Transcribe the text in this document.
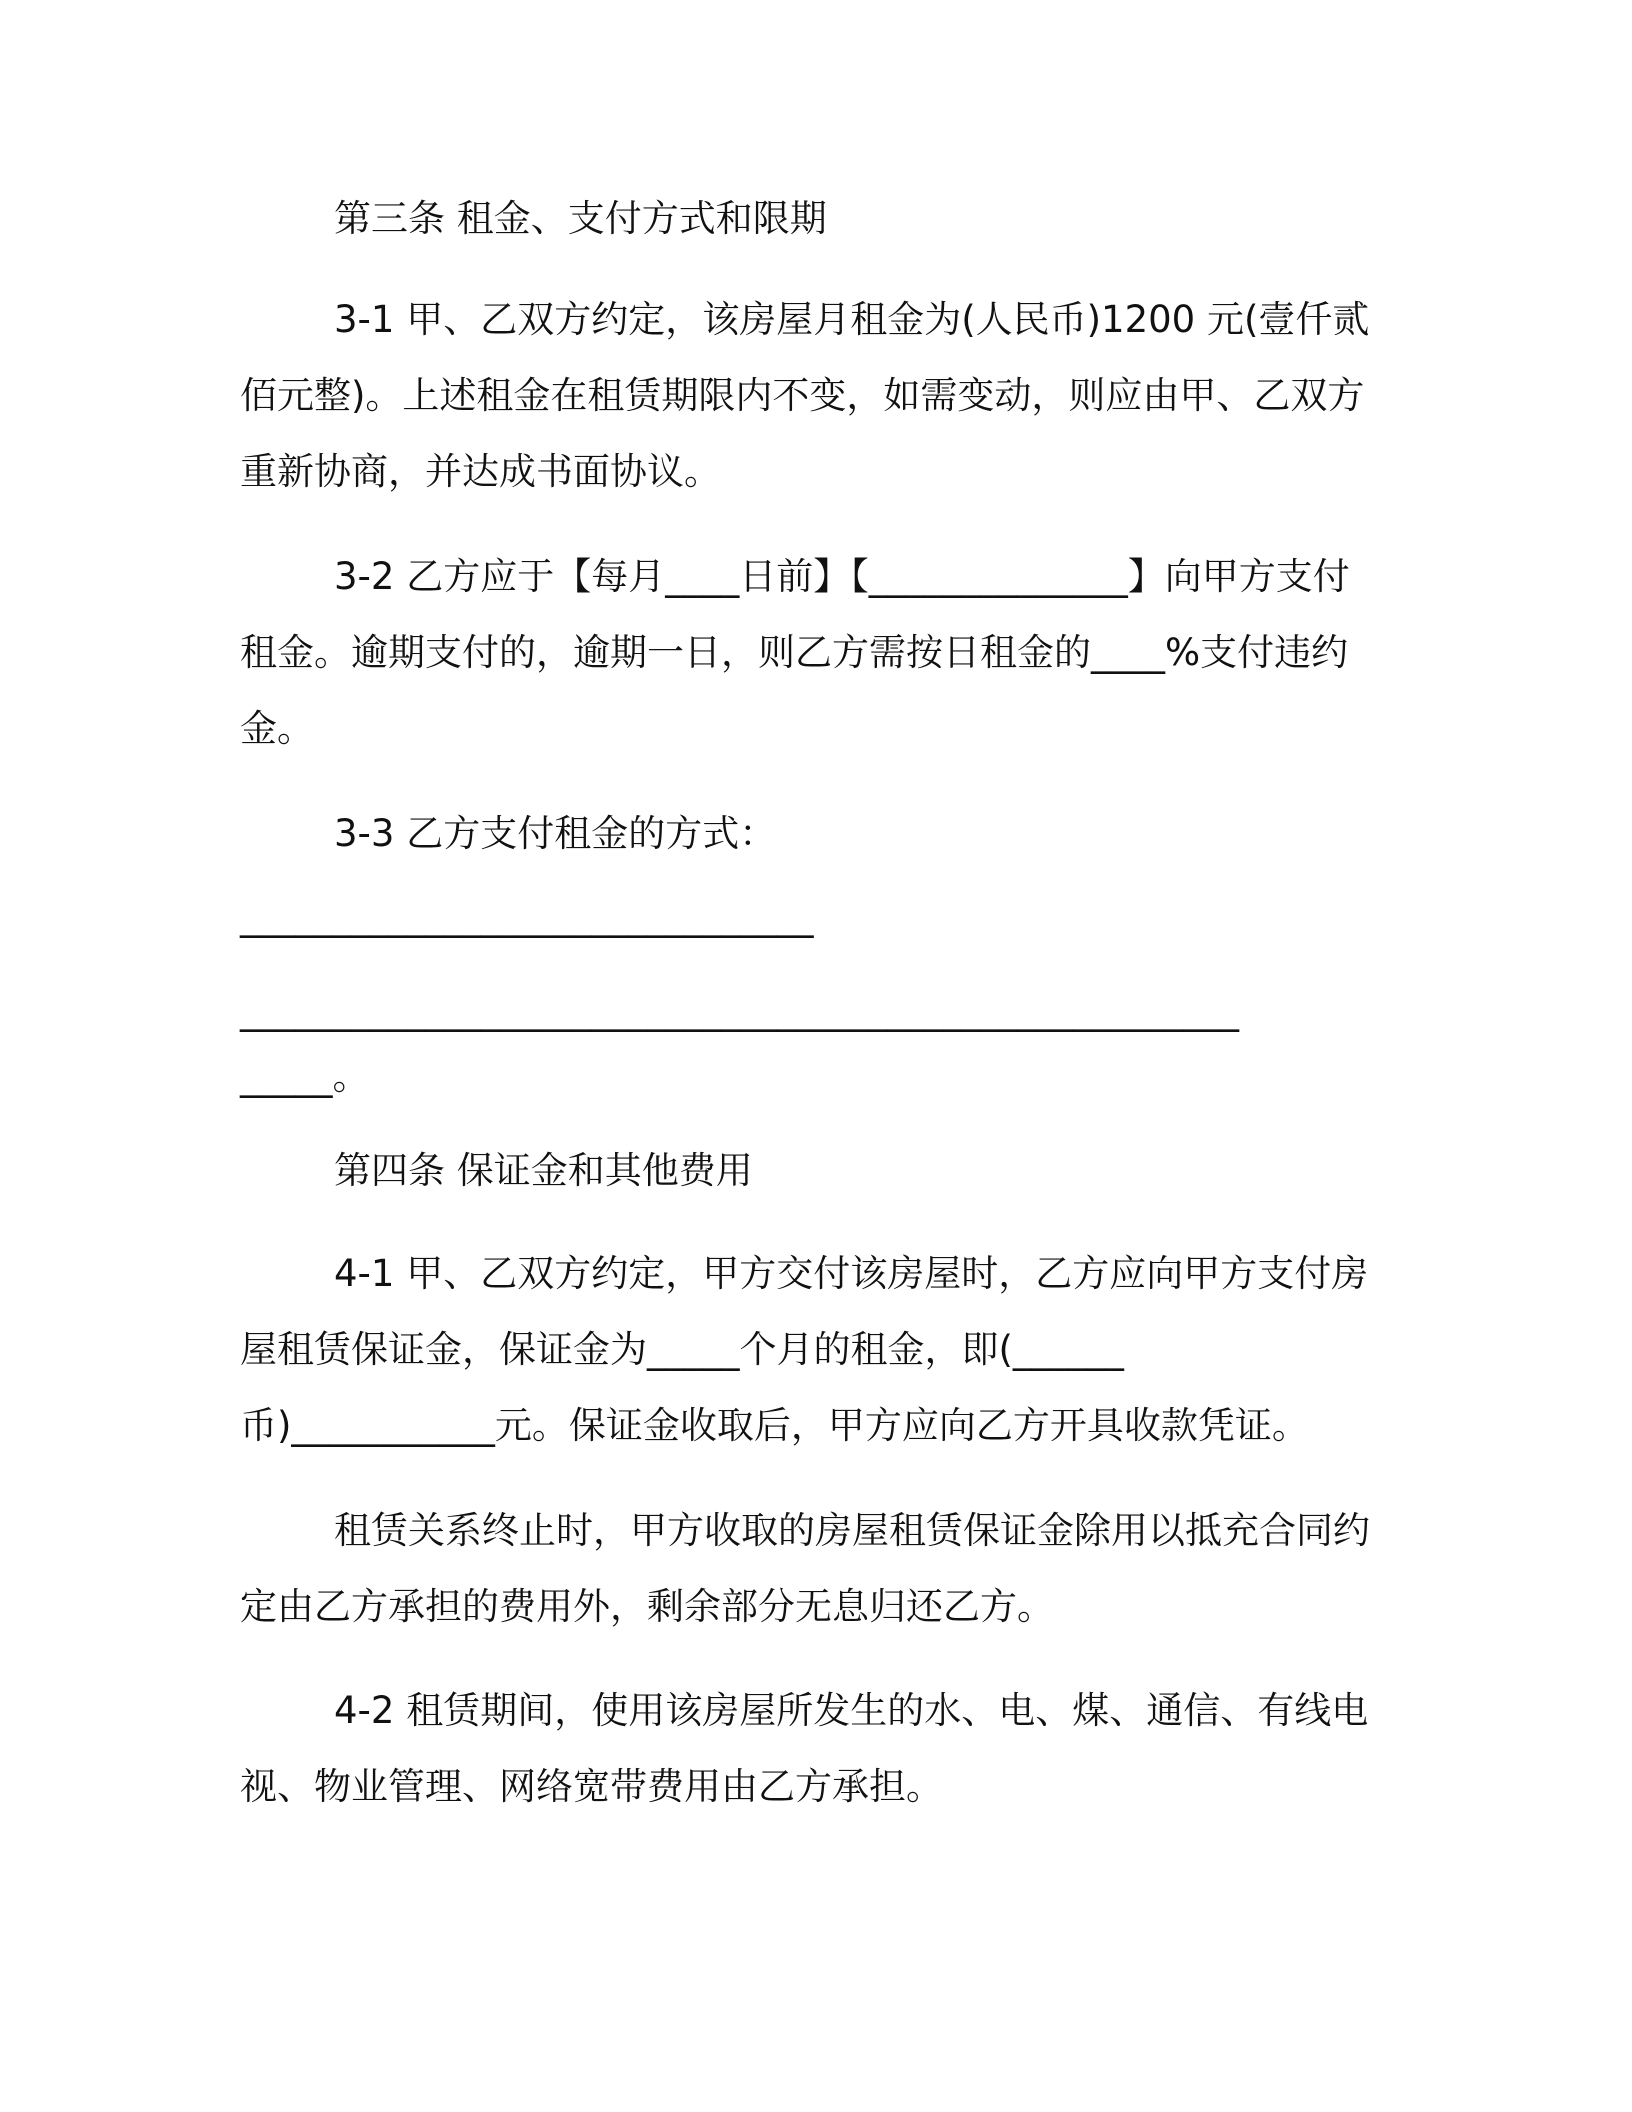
第三条 租金、支付方式和限期
3-1 甲、乙双方约定，该房屋月租金为(人民币)1200 元(壹仟贰
佰元整)。上述租金在租赁期限内不变，如需变动，则应由甲、乙双方
重新协商，并达成书面协议。
3-2 乙方应于【每月____日前】【______________】向甲方支付
租金。逾期支付的，逾期一日，则乙方需按日租金的____%支付违约
金。
3-3 乙方支付租金的方式：
_______________________________
______________________________________________________
_____。
第四条 保证金和其他费用
4-1 甲、乙双方约定，甲方交付该房屋时，乙方应向甲方支付房
屋租赁保证金，保证金为_____个月的租金，即(______
币)___________元。保证金收取后，甲方应向乙方开具收款凭证。
租赁关系终止时，甲方收取的房屋租赁保证金除用以抵充合同约
定由乙方承担的费用外，剩余部分无息归还乙方。
4-2 租赁期间，使用该房屋所发生的水、电、煤、通信、有线电
视、物业管理、网络宽带费用由乙方承担。
